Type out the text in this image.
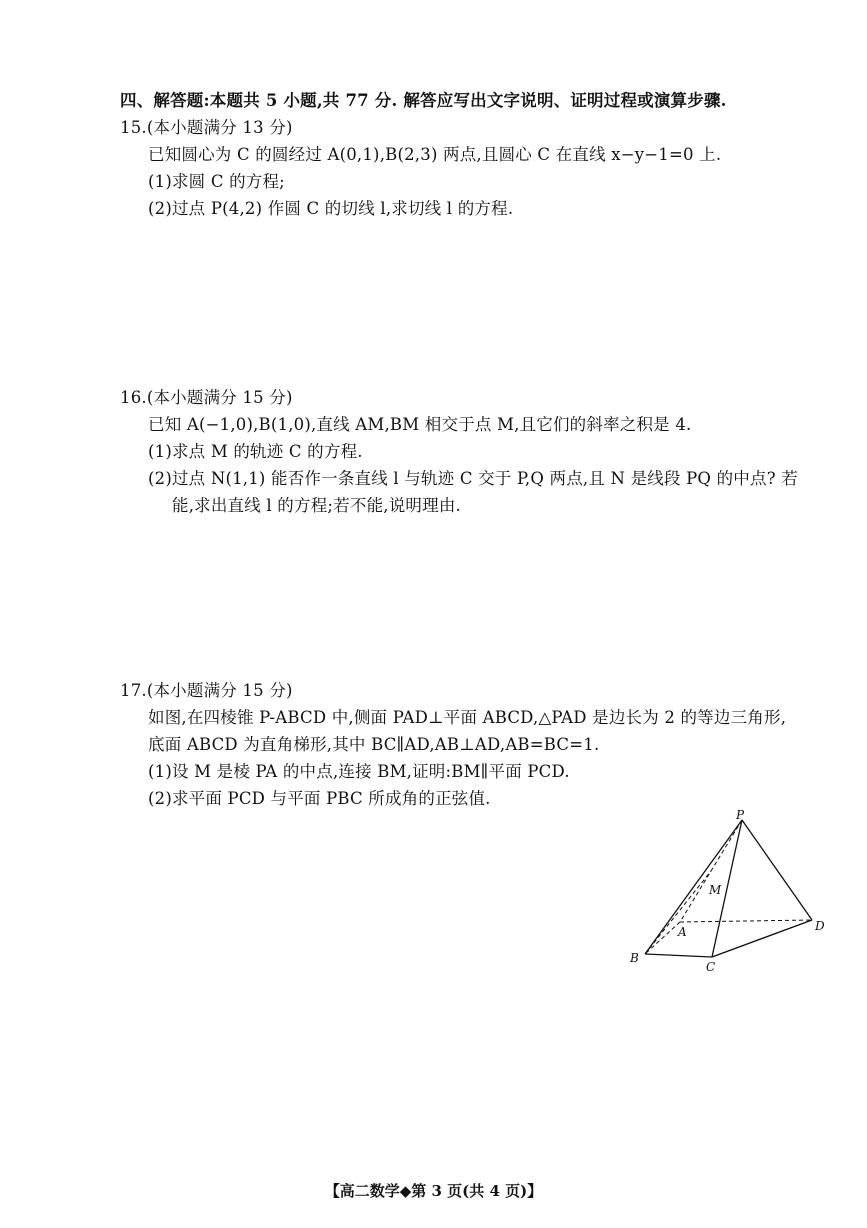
四、解答题:本题共 5 小题,共 77 分. 解答应写出文字说明、证明过程或演算步骤.
15.(本小题满分 13 分)
已知圆心为 C 的圆经过 A(0,1),B(2,3) 两点,且圆心 C 在直线 x−y−1=0 上.
(1)求圆 C 的方程;
(2)过点 P(4,2) 作圆 C 的切线 l,求切线 l 的方程.
16.(本小题满分 15 分)
已知 A(−1,0),B(1,0),直线 AM,BM 相交于点 M,且它们的斜率之积是 4.
(1)求点 M 的轨迹 C 的方程.
(2)过点 N(1,1) 能否作一条直线 l 与轨迹 C 交于 P,Q 两点,且 N 是线段 PQ 的中点? 若
能,求出直线 l 的方程;若不能,说明理由.
17.(本小题满分 15 分)
如图,在四棱锥 P-ABCD 中,侧面 PAD⊥平面 ABCD,△PAD 是边长为 2 的等边三角形,
底面 ABCD 为直角梯形,其中 BC∥AD,AB⊥AD,AB=BC=1.
(1)设 M 是棱 PA 的中点,连接 BM,证明:BM∥平面 PCD.
(2)求平面 PCD 与平面 PBC 所成角的正弦值.
P
M
A
B
C
D
【高二数学◆第 3 页(共 4 页)】
